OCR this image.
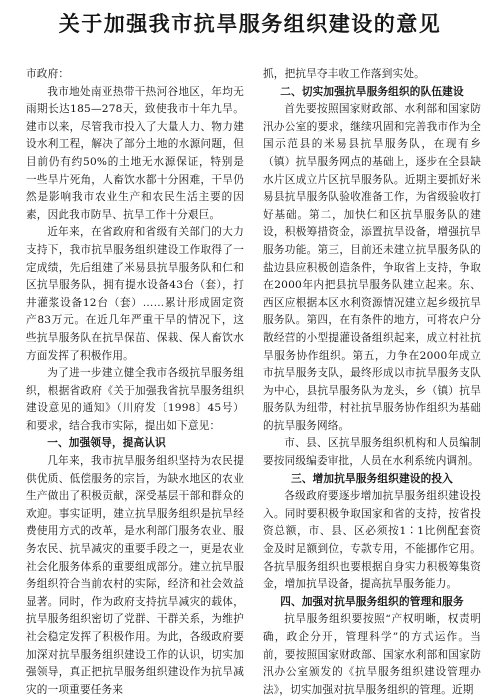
关于加强我市抗旱服务组织建设的意见

市政府：

我市地处南亚热带干热河谷地区，年均无雨期长达185—278天，致使我市十年九旱。建市以来，尽管我市投入了大量人力、物力建设水利工程，解决了部分土地的水源问题，但目前仍有约50%的土地无水源保证，特别是一些旱片死角，人畜饮水都十分困难，干旱仍然是影响我市农业生产和农民生活主要的因素，因此我市防旱、抗旱工作十分艰巨。

近年来，在省政府和省级有关部门的大力支持下，我市抗旱服务组织建设工作取得了一定成绩，先后组建了米易县抗旱服务队和仁和区抗旱服务队，拥有提水设备43台（套），打井灌浆设备12台（套）……累计形成固定资产83万元。在近几年严重干旱的情况下，这些抗旱服务队在抗旱保苗、保栽、保人畜饮水方面发挥了积极作用。

为了进一步建立健全我市各级抗旱服务组织，根据省政府《关于加强我省抗旱服务组织建设意见的通知》（川府发〔1998〕45号）和要求，结合我市实际，提出如下意见：

一、加强领导，提高认识

几年来，我市抗旱服务组织坚持为农民提供优质、低偿服务的宗旨，为缺水地区的农业生产做出了积极贡献，深受基层干部和群众的欢迎。事实证明，建立抗旱服务组织是抗旱经费使用方式的改革，是水利部门服务农业、服务农民、抗旱减灾的重要手段之一，更是农业社会化服务体系的重要组成部分。建立抗旱服务组织符合当前农村的实际，经济和社会效益显著。同时，作为政府支持抗旱减灾的载体，抗旱服务组织密切了党群、干群关系，为维护社会稳定发挥了积极作用。为此，各级政府要加深对抗旱服务组织建设工作的认识，切实加强领导，真正把抗旱服务组织建设作为抗旱减灾的一项重要任务来

抓，把抗旱夺丰收工作落到实处。

二、切实加强抗旱服务组织的队伍建设

首先要按照国家财政部、水利部和国家防汛办公室的要求，继续巩固和完善我市作为全国示范县的米易县抗旱服务队，在现有乡（镇）抗旱服务网点的基础上，逐步在全县缺水片区成立片区抗旱服务队。近期主要抓好米易县抗旱服务队验收准备工作，为省级验收打好基础。第二，加快仁和区抗旱服务队的建设，积极筹措资金，添置抗旱设备，增强抗旱服务功能。第三，目前还未建立抗旱服务队的盐边县应积极创造条件，争取省上支持，争取在2000年内把县抗旱服务队建立起来。东、西区应根据本区水利资源情况建立起乡级抗旱服务队。第四，在有条件的地方，可将农户分散经营的小型提灌设备组织起来，成立村社抗旱服务协作组织。第五，力争在2000年成立市抗旱服务支队，最终形成以市抗旱服务支队为中心，县抗旱服务队为龙头，乡（镇）抗旱服务队为纽带，村社抗旱服务协作组织为基础的抗旱服务网络。

市、县、区抗旱服务组织机构和人员编制要按同级编委审批，人员在水利系统内调剂。

三、增加抗旱服务组织建设的投入

各级政府要逐步增加抗旱服务组织建设投入。同时要积极争取国家和省的支持，按省投资总额，市、县、区必须按1∶1比例配套资金及时足额到位，专款专用，不能挪作它用。各抗旱服务组织也要根据自身实力积极筹集资金，增加抗旱设备，提高抗旱服务能力。

四、加强对抗旱服务组织的管理和服务

抗旱服务组织要按照“产权明晰，权责明确，政企分开，管理科学”的方式运作。当前，要按照国家财政部、国家水利部和国家防汛办公室颁发的《抗旱服务组织建设管理办法》，切实加强对抗旱服务组织的管理。近期
